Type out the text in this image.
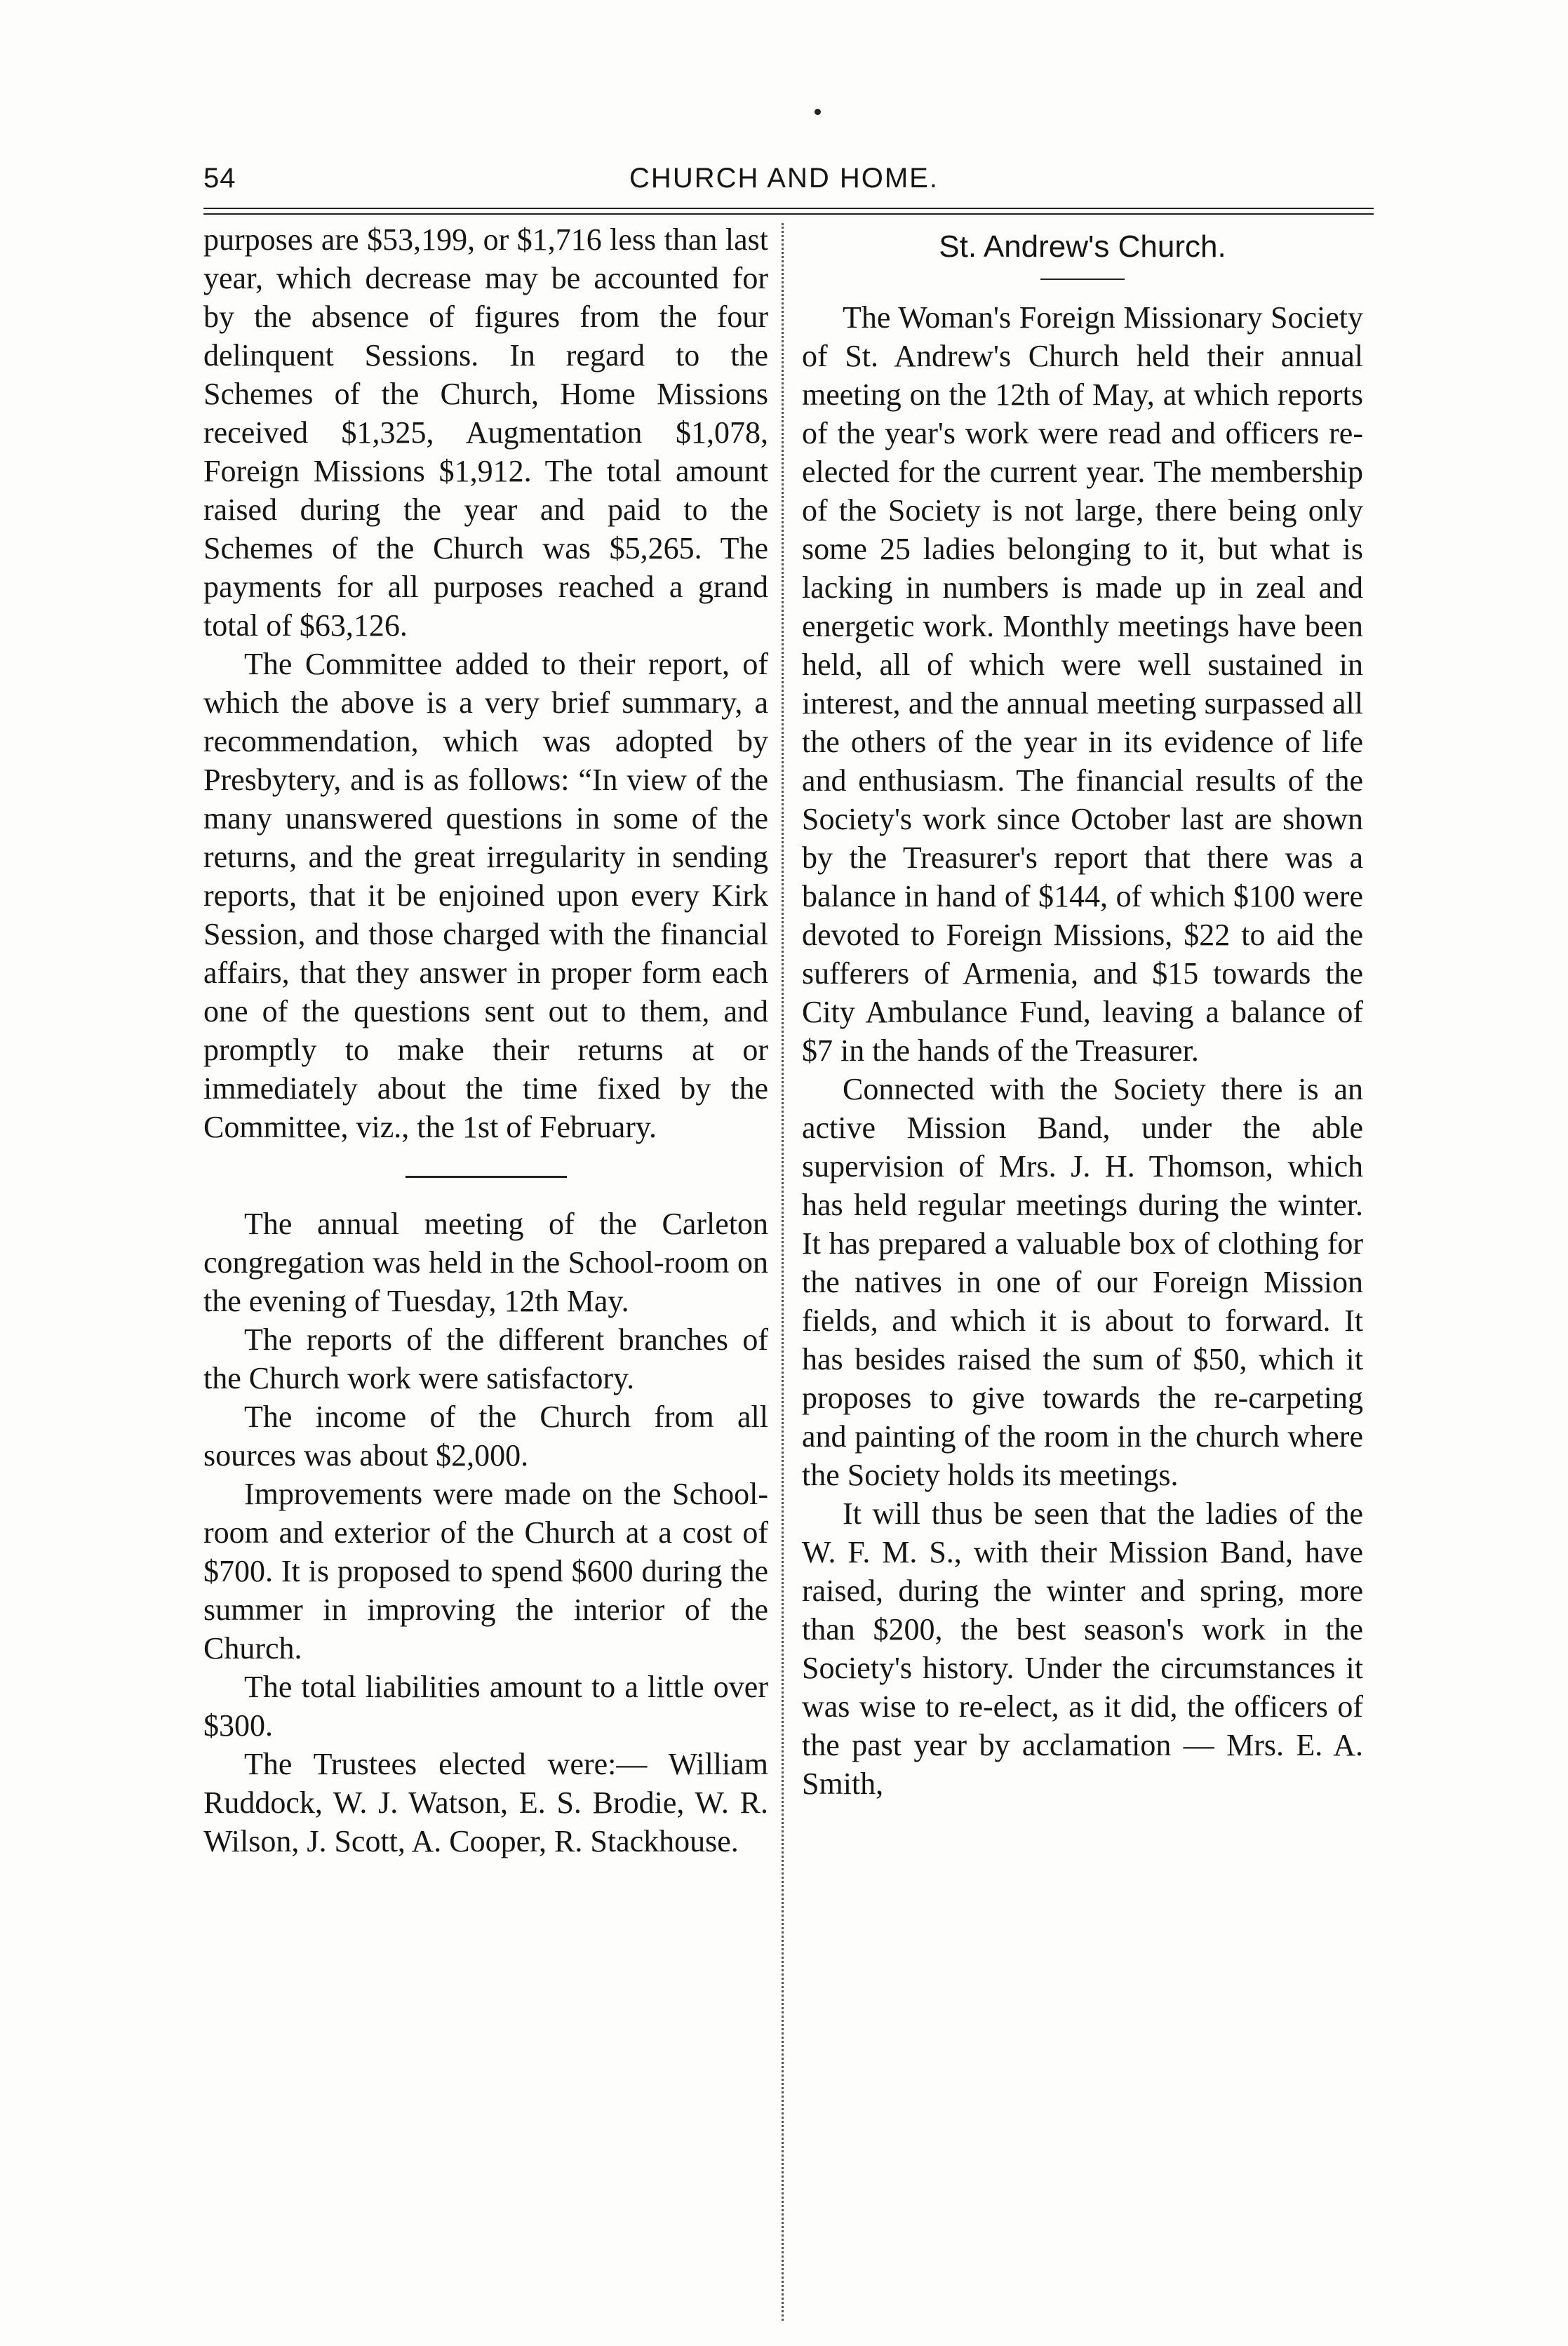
54	CHURCH AND HOME.

purposes are $53,199, or $1,716 less than last year, which decrease may be accounted for by the absence of figures from the four delinquent Sessions. In regard to the Schemes of the Church, Home Missions received $1,325, Augmentation $1,078, Foreign Missions $1,912. The total amount raised during the year and paid to the Schemes of the Church was $5,265. The payments for all purposes reached a grand total of $63,126.

The Committee added to their report, of which the above is a very brief summary, a recommendation, which was adopted by Presbytery, and is as follows: “In view of the many unanswered questions in some of the returns, and the great irregularity in sending reports, that it be enjoined upon every Kirk Session, and those charged with the financial affairs, that they answer in proper form each one of the questions sent out to them, and promptly to make their returns at or immediately about the time fixed by the Committee, viz., the 1st of February.

The annual meeting of the Carleton congregation was held in the School-room on the evening of Tuesday, 12th May.

The reports of the different branches of the Church work were satisfactory.

The income of the Church from all sources was about $2,000.

Improvements were made on the School-room and exterior of the Church at a cost of $700. It is proposed to spend $600 during the summer in improving the interior of the Church.

The total liabilities amount to a little over $300.

The Trustees elected were:— William Ruddock, W. J. Watson, E. S. Brodie, W. R. Wilson, J. Scott, A. Cooper, R. Stackhouse.

St. Andrew's Church.

The Woman's Foreign Missionary Society of St. Andrew's Church held their annual meeting on the 12th of May, at which reports of the year's work were read and officers re-elected for the current year. The membership of the Society is not large, there being only some 25 ladies belonging to it, but what is lacking in numbers is made up in zeal and energetic work. Monthly meetings have been held, all of which were well sustained in interest, and the annual meeting surpassed all the others of the year in its evidence of life and enthusiasm. The financial results of the Society's work since October last are shown by the Treasurer's report that there was a balance in hand of $144, of which $100 were devoted to Foreign Missions, $22 to aid the sufferers of Armenia, and $15 towards the City Ambulance Fund, leaving a balance of $7 in the hands of the Treasurer.

Connected with the Society there is an active Mission Band, under the able supervision of Mrs. J. H. Thomson, which has held regular meetings during the winter. It has prepared a valuable box of clothing for the natives in one of our Foreign Mission fields, and which it is about to forward. It has besides raised the sum of $50, which it proposes to give towards the re-carpeting and painting of the room in the church where the Society holds its meetings.

It will thus be seen that the ladies of the W. F. M. S., with their Mission Band, have raised, during the winter and spring, more than $200, the best season's work in the Society's history. Under the circumstances it was wise to re-elect, as it did, the officers of the past year by acclamation — Mrs. E. A. Smith,
